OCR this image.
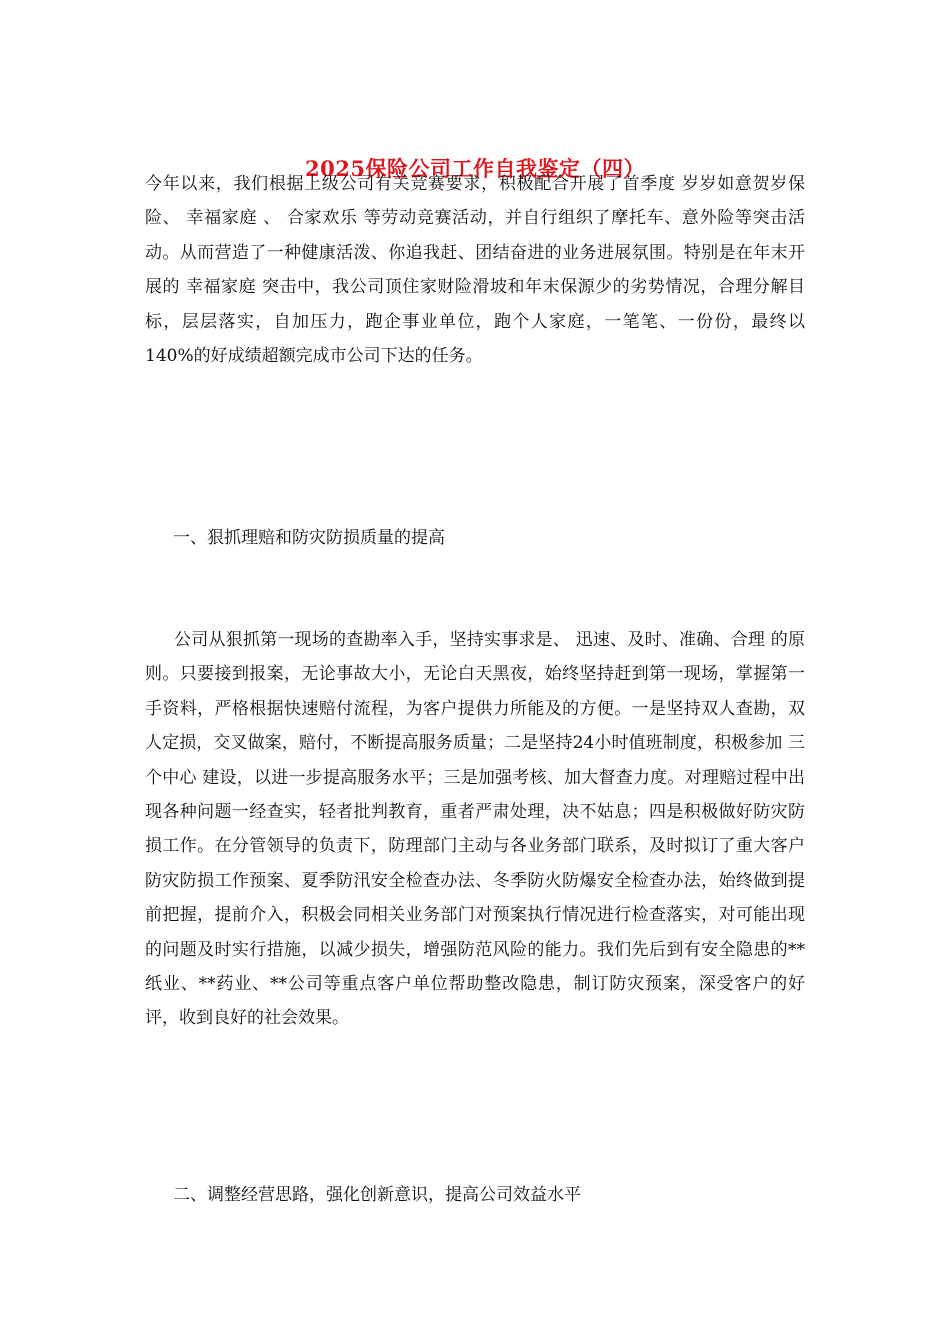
2025保险公司工作自我鉴定（四）

今年以来，我们根据上级公司有关竞赛要求，积极配合开展了首季度 岁岁如意贺岁保险、 幸福家庭 、 合家欢乐 等劳动竞赛活动，并自行组织了摩托车、意外险等突击活动。从而营造了一种健康活泼、你追我赶、团结奋进的业务进展氛围。特别是在年末开展的 幸福家庭 突击中，我公司顶住家财险滑坡和年末保源少的劣势情况，合理分解目标，层层落实，自加压力，跑企事业单位，跑个人家庭，一笔笔、一份份，最终以140%的好成绩超额完成市公司下达的任务。

一、狠抓理赔和防灾防损质量的提高

公司从狠抓第一现场的查勘率入手，坚持实事求是、 迅速、及时、准确、合理 的原则。只要接到报案，无论事故大小，无论白天黑夜，始终坚持赶到第一现场，掌握第一手资料，严格根据快速赔付流程，为客户提供力所能及的方便。一是坚持双人查勘，双人定损，交叉做案，赔付，不断提高服务质量；二是坚持24小时值班制度，积极参加 三个中心 建设，以进一步提高服务水平；三是加强考核、加大督查力度。对理赔过程中出现各种问题一经查实，轻者批判教育，重者严肃处理，决不姑息；四是积极做好防灾防损工作。在分管领导的负责下，防理部门主动与各业务部门联系，及时拟订了重大客户防灾防损工作预案、夏季防汛安全检查办法、冬季防火防爆安全检查办法，始终做到提前把握，提前介入，积极会同相关业务部门对预案执行情况进行检查落实，对可能出现的问题及时实行措施，以减少损失，增强防范风险的能力。我们先后到有安全隐患的**纸业、**药业、**公司等重点客户单位帮助整改隐患，制订防灾预案，深受客户的好评，收到良好的社会效果。

二、调整经营思路，强化创新意识，提高公司效益水平
